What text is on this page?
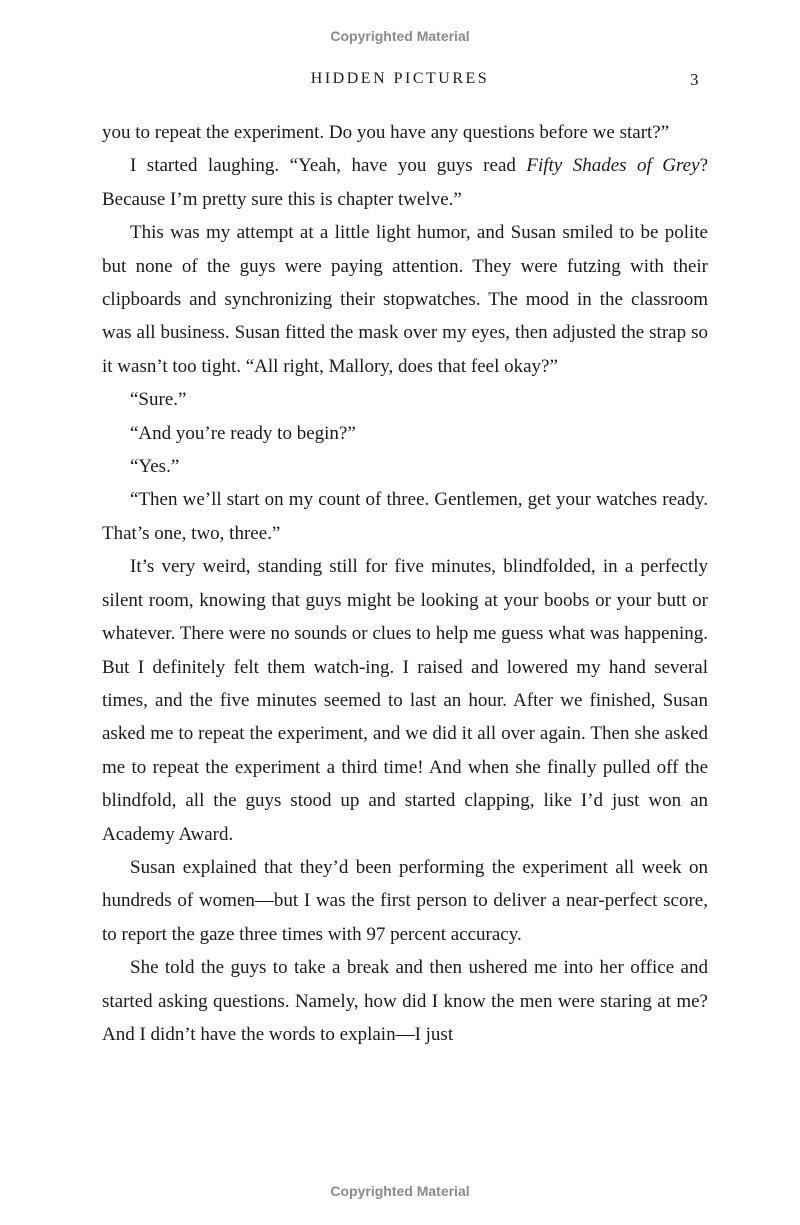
Copyrighted Material
HIDDEN PICTURES	3

you to repeat the experiment. Do you have any questions before we start?”

I started laughing. “Yeah, have you guys read Fifty Shades of Grey? Because I’m pretty sure this is chapter twelve.”

This was my attempt at a little light humor, and Susan smiled to be polite but none of the guys were paying attention. They were futzing with their clipboards and synchronizing their stopwatches. The mood in the classroom was all business. Susan fitted the mask over my eyes, then adjusted the strap so it wasn’t too tight. “All right, Mallory, does that feel okay?”

“Sure.”

“And you’re ready to begin?”

“Yes.”

“Then we’ll start on my count of three. Gentlemen, get your watches ready. That’s one, two, three.”

It’s very weird, standing still for five minutes, blindfolded, in a perfectly silent room, knowing that guys might be looking at your boobs or your butt or whatever. There were no sounds or clues to help me guess what was happening. But I definitely felt them watch-ing. I raised and lowered my hand several times, and the five minutes seemed to last an hour. After we finished, Susan asked me to repeat the experiment, and we did it all over again. Then she asked me to repeat the experiment a third time! And when she finally pulled off the blindfold, all the guys stood up and started clapping, like I’d just won an Academy Award.

Susan explained that they’d been performing the experiment all week on hundreds of women—but I was the first person to deliver a near-perfect score, to report the gaze three times with 97 percent accuracy.

She told the guys to take a break and then ushered me into her office and started asking questions. Namely, how did I know the men were staring at me? And I didn’t have the words to explain—I just

Copyrighted Material
